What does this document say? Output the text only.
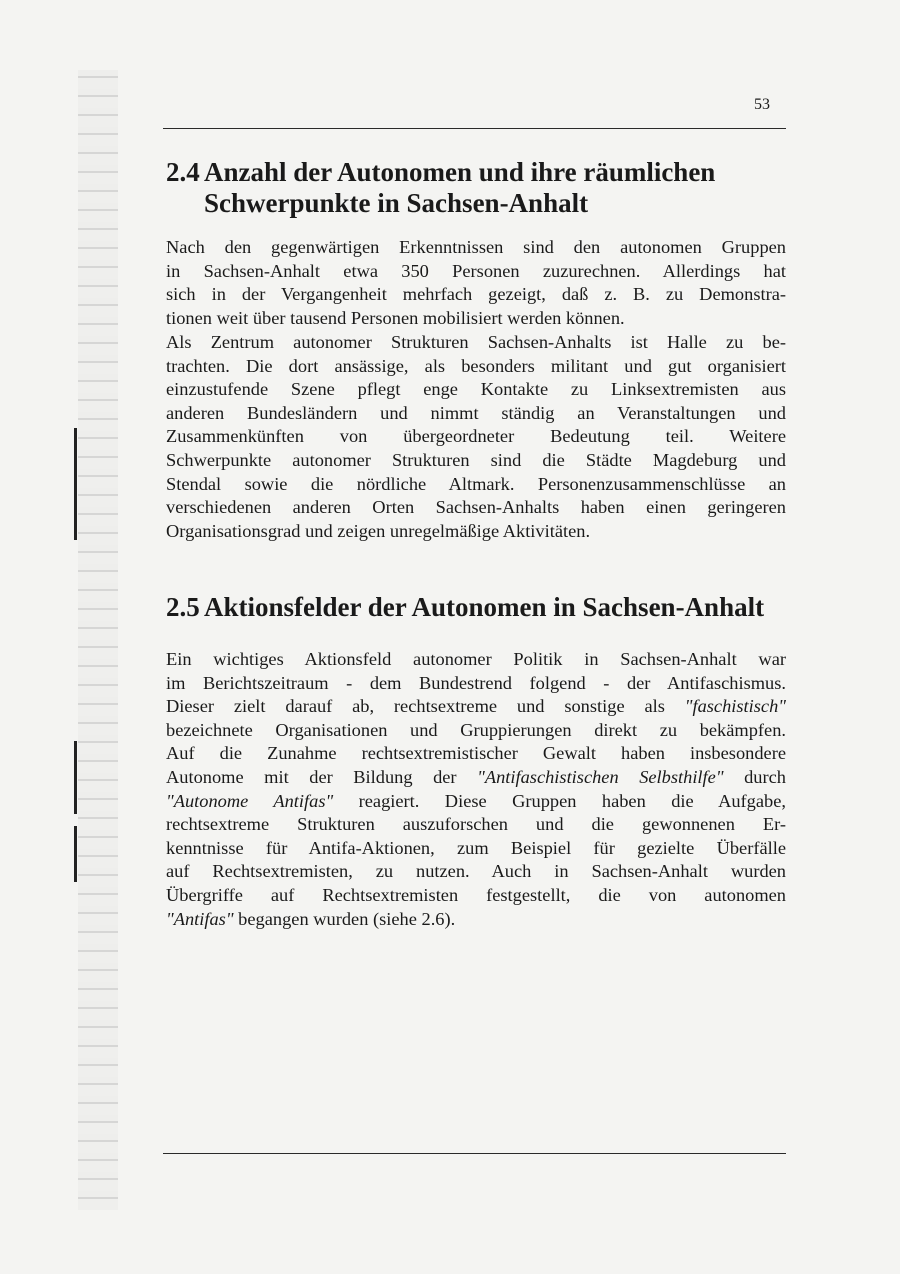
53
2.4 Anzahl der Autonomen und ihre räumlichen
Schwerpunkte in Sachsen-Anhalt
Nach den gegenwärtigen Erkenntnissen sind den autonomen Gruppen
in Sachsen-Anhalt etwa 350 Personen zuzurechnen. Allerdings hat
sich in der Vergangenheit mehrfach gezeigt, daß z. B. zu Demonstra-
tionen weit über tausend Personen mobilisiert werden können.
Als Zentrum autonomer Strukturen Sachsen-Anhalts ist Halle zu be-
trachten. Die dort ansässige, als besonders militant und gut organisiert
einzustufende Szene pflegt enge Kontakte zu Linksextremisten aus
anderen Bundesländern und nimmt ständig an Veranstaltungen und
Zusammenkünften von übergeordneter Bedeutung teil. Weitere
Schwerpunkte autonomer Strukturen sind die Städte Magdeburg und
Stendal sowie die nördliche Altmark. Personenzusammenschlüsse an
verschiedenen anderen Orten Sachsen-Anhalts haben einen geringeren
Organisationsgrad und zeigen unregelmäßige Aktivitäten.
2.5 Aktionsfelder der Autonomen in Sachsen-Anhalt
Ein wichtiges Aktionsfeld autonomer Politik in Sachsen-Anhalt war
im Berichtszeitraum - dem Bundestrend folgend - der Antifaschismus.
Dieser zielt darauf ab, rechtsextreme und sonstige als "faschistisch"
bezeichnete Organisationen und Gruppierungen direkt zu bekämpfen.
Auf die Zunahme rechtsextremistischer Gewalt haben insbesondere
Autonome mit der Bildung der "Antifaschistischen Selbsthilfe" durch
"Autonome Antifas" reagiert. Diese Gruppen haben die Aufgabe,
rechtsextreme Strukturen auszuforschen und die gewonnenen Er-
kenntnisse für Antifa-Aktionen, zum Beispiel für gezielte Überfälle
auf Rechtsextremisten, zu nutzen. Auch in Sachsen-Anhalt wurden
Übergriffe auf Rechtsextremisten festgestellt, die von autonomen
"Antifas" begangen wurden (siehe 2.6).
